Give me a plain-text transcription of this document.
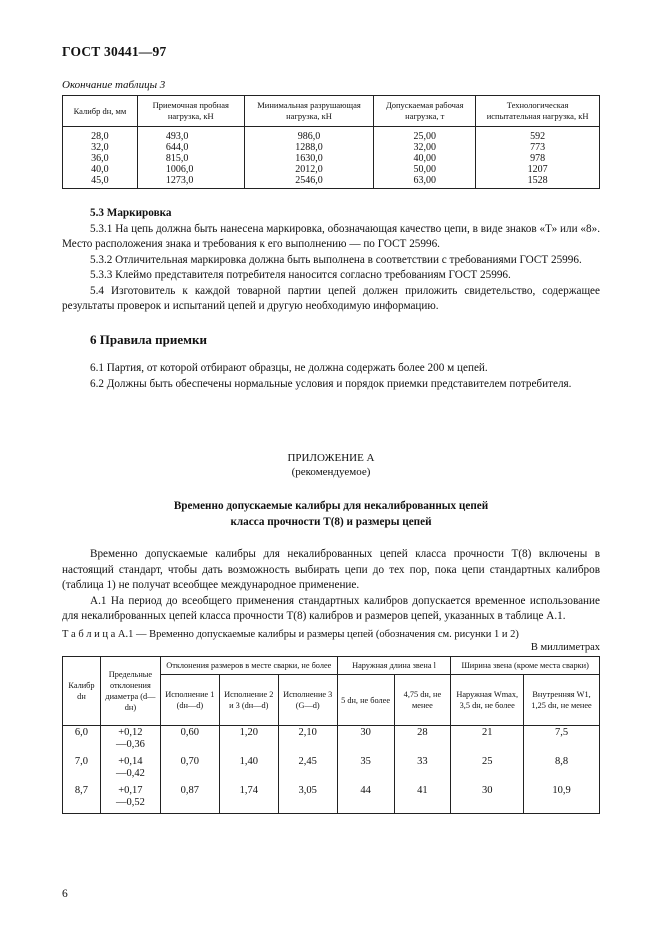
ГОСТ 30441—97
Окончание таблицы 3
Калибр dн, мм	Приемочная пробная нагрузка, кН	Минимальная разрушающая нагрузка, кН	Допускаемая рабочая нагрузка, т	Технологическая испытательная нагрузка, кН
28,0	493,0	986,0	25,00	592
32,0	644,0	1288,0	32,00	773
36,0	815,0	1630,0	40,00	978
40,0	1006,0	2012,0	50,00	1207
45,0	1273,0	2546,0	63,00	1528

5.3 Маркировка

5.3.1 На цепь должна быть нанесена маркировка, обозначающая качество цепи, в виде знаков «Т» или «8». Место расположения знака и требования к его выполнению — по ГОСТ 25996.

5.3.2 Отличительная маркировка должна быть выполнена в соответствии с требованиями ГОСТ 25996.

5.3.3 Клеймо представителя потребителя наносится согласно требованиям ГОСТ 25996.

5.4 Изготовитель к каждой товарной партии цепей должен приложить свидетельство, содержащее результаты проверок и испытаний цепей и другую необходимую информацию.

6 Правила приемки

6.1 Партия, от которой отбирают образцы, не должна содержать более 200 м цепей.

6.2 Должны быть обеспечены нормальные условия и порядок приемки представителем потребителя.

ПРИЛОЖЕНИЕ А
(рекомендуемое)
Временно допускаемые калибры для некалиброванных цепей
класса прочности Т(8) и размеры цепей

Временно допускаемые калибры для некалиброванных цепей класса прочности Т(8) включены в настоящий стандарт, чтобы дать возможность выбирать цепи до тех пор, пока цепи стандартных калибров (таблица 1) не получат всеобщее международное применение.

А.1 На период до всеобщего применения стандартных калибров допускается временное использование для некалиброванных цепей класса прочности Т(8) калибров и размеров цепей, указанных в таблице А.1.

Т а б л и ц а А.1 — Временно допускаемые калибры и размеры цепей (обозначения см. рисунки 1 и 2)
В миллиметрах
Калибр dн	Предельные отклонения диаметра (d—dн)	Отклонения размеров в месте сварки, не более			Наружная длина звена l		Ширина звена (кроме места сварки)	
		Исполнение 1 (dн—d)	Исполнение 2 и 3 (dн—d)	Исполнение 3 (G—d)	5 dн, не более	4,75 dн, не менее	Наружная Wmax, 3,5 dн, не более	Внутренняя W1, 1,25 dн, не менее
6,0	+0,12
—0,36	0,60	1,20	2,10	30	28	21	7,5
7,0	+0,14
—0,42	0,70	1,40	2,45	35	33	25	8,8
8,7	+0,17
—0,52	0,87	1,74	3,05	44	41	30	10,9
6
